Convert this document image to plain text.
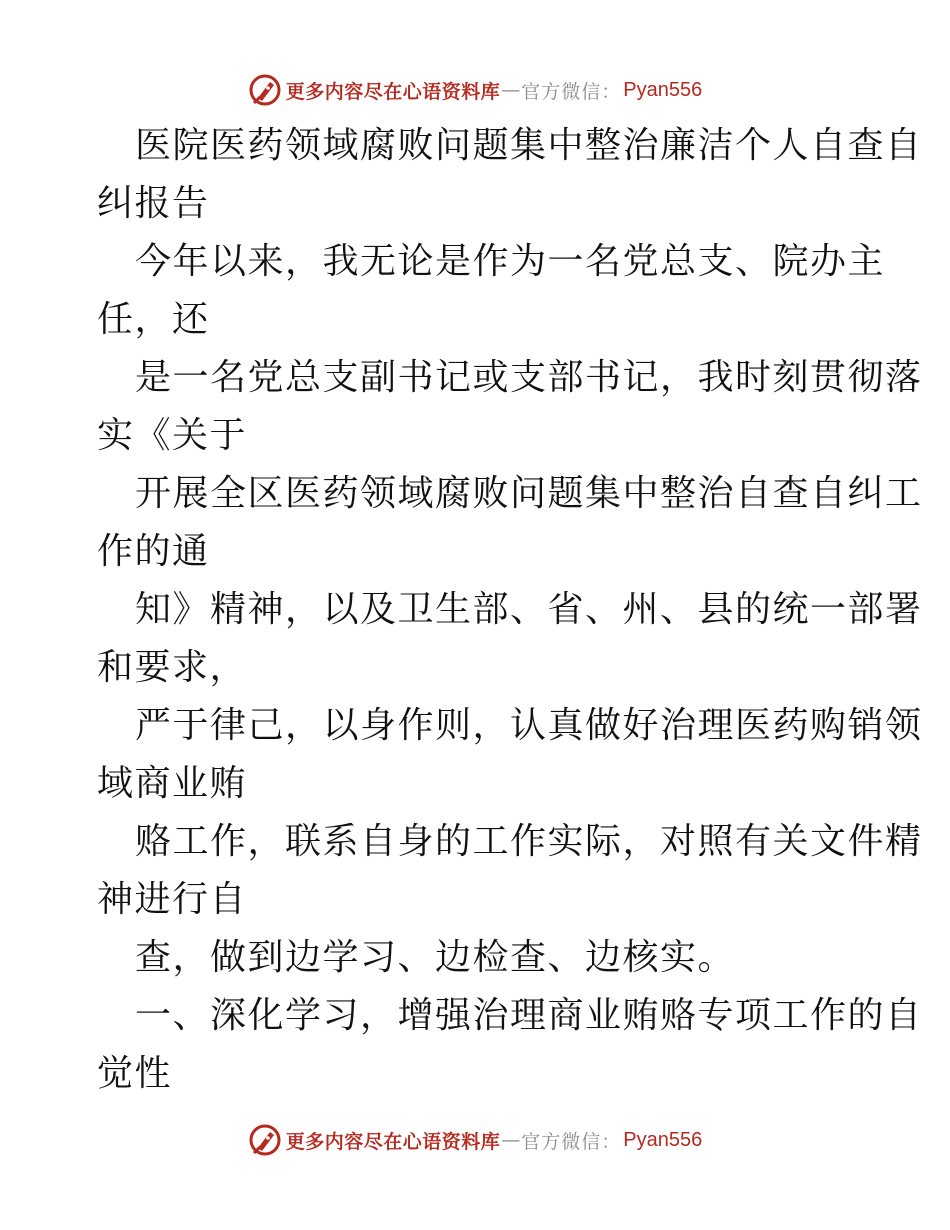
更多内容尽在心语资料库 — 官方微信： Pyan556
医院医药领域腐败问题集中整治廉洁个人自查自
纠报告
今年以来，我无论是作为一名党总支、院办主
任，还
是一名党总支副书记或支部书记，我时刻贯彻落
实《关于
开展全区医药领域腐败问题集中整治自查自纠工
作的通
知》精神，以及卫生部、省、州、县的统一部署
和要求，
严于律己，以身作则，认真做好治理医药购销领
域商业贿
赂工作，联系自身的工作实际，对照有关文件精
神进行自
查，做到边学习、边检查、边核实。
一、深化学习，增强治理商业贿赂专项工作的自
觉性
更多内容尽在心语资料库 — 官方微信： Pyan556
